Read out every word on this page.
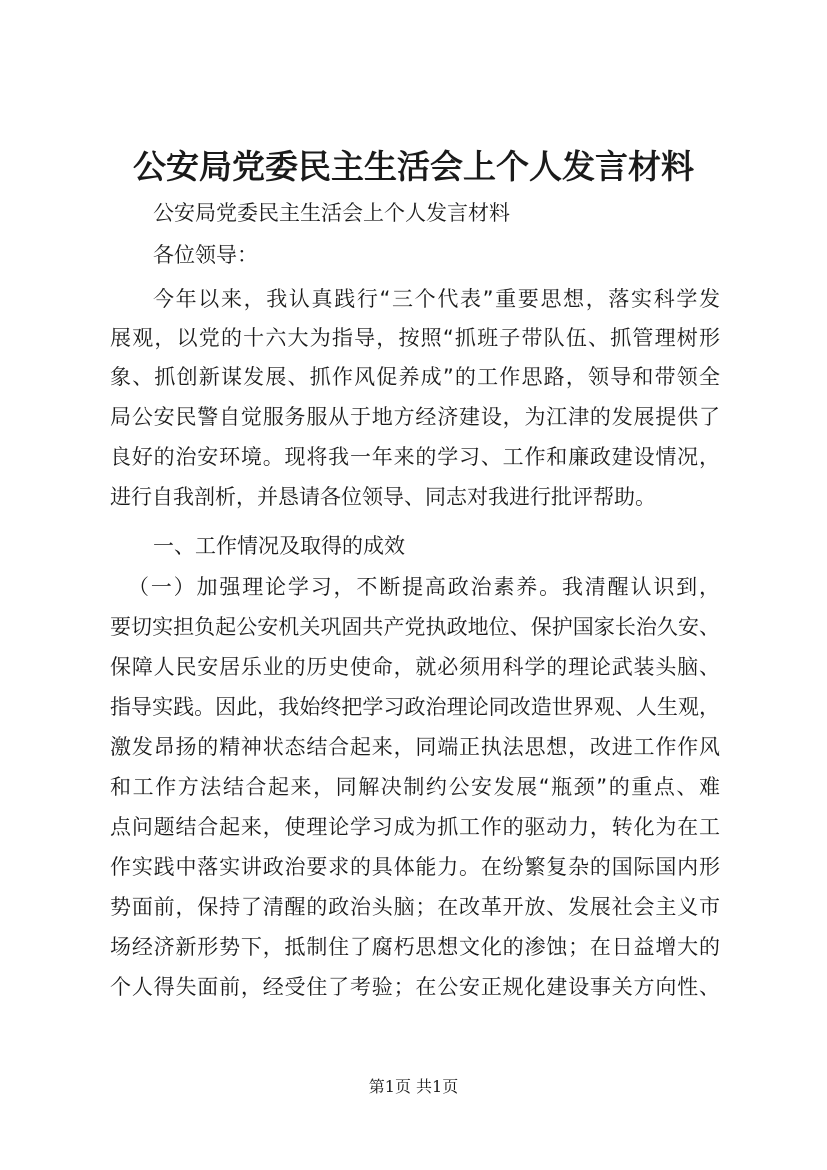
公安局党委民主生活会上个人发言材料
公安局党委民主生活会上个人发言材料
各位领导：
今年以来，我认真践行“三个代表”重要思想，落实科学发
展观，以党的十六大为指导，按照“抓班子带队伍、抓管理树形
象、抓创新谋发展、抓作风促养成”的工作思路，领导和带领全
局公安民警自觉服务服从于地方经济建设，为江津的发展提供了
良好的治安环境。现将我一年来的学习、工作和廉政建设情况，
进行自我剖析，并恳请各位领导、同志对我进行批评帮助。
一、工作情况及取得的成效
（一）加强理论学习，不断提高政治素养。我清醒认识到，
要切实担负起公安机关巩固共产党执政地位、保护国家长治久安、
保障人民安居乐业的历史使命，就必须用科学的理论武装头脑、
指导实践。因此，我始终把学习政治理论同改造世界观、人生观，
激发昂扬的精神状态结合起来，同端正执法思想，改进工作作风
和工作方法结合起来，同解决制约公安发展“瓶颈”的重点、难
点问题结合起来，使理论学习成为抓工作的驱动力，转化为在工
作实践中落实讲政治要求的具体能力。在纷繁复杂的国际国内形
势面前，保持了清醒的政治头脑；在改革开放、发展社会主义市
场经济新形势下，抵制住了腐朽思想文化的渗蚀；在日益增大的
个人得失面前，经受住了考验；在公安正规化建设事关方向性、
第1页 共1页
